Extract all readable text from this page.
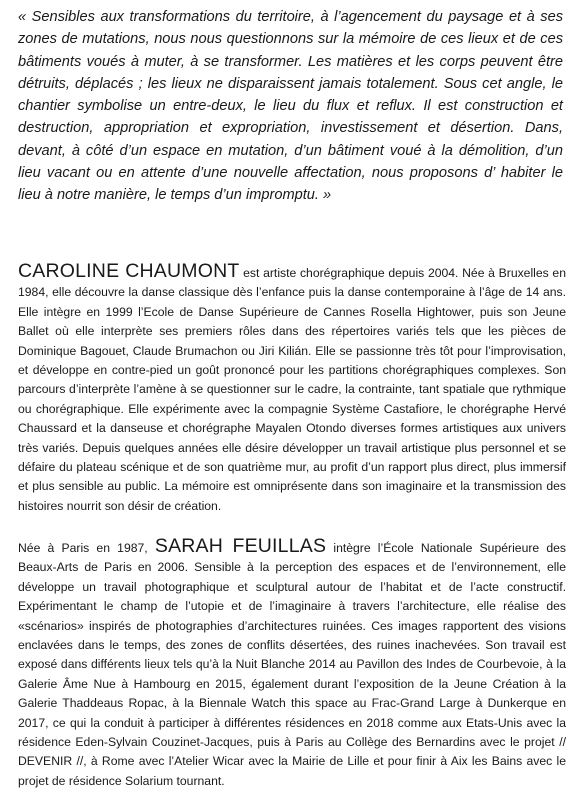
« Sensibles aux transformations du territoire, à l’agencement du paysage et à ses zones de mutations, nous nous questionnons sur la mémoire de ces lieux et de ces bâtiments voués à muter, à se transformer. Les matières et les corps peuvent être détruits, déplacés ; les lieux ne disparaissent jamais totalement. Sous cet angle, le chantier symbolise un entre-deux, le lieu du flux et reflux. Il est construction et destruction, appropriation et expropriation, investissement et désertion. Dans, devant, à côté d’un espace en mutation, d’un bâtiment voué à la démolition, d’un lieu vacant ou en attente d’une nouvelle affectation, nous proposons d’ habiter le lieu à notre manière, le temps d’un impromptu. »

CAROLINE CHAUMONT est artiste chorégraphique depuis 2004. Née à Bruxelles en 1984, elle découvre la danse classique dès l’enfance puis la danse contemporaine à l’âge de 14 ans. Elle intègre en 1999 l’Ecole de Danse Supérieure de Cannes Rosella Hightower, puis son Jeune Ballet où elle interprète ses premiers rôles dans des répertoires variés tels que les pièces de Dominique Bagouet, Claude Brumachon ou Jiri Kilián. Elle se passionne très tôt pour l’improvisation, et développe en contre-pied un goût prononcé pour les partitions chorégraphiques complexes. Son parcours d’interprète l’amène à se questionner sur le cadre, la contrainte, tant spatiale que rythmique ou chorégraphique. Elle expérimente avec la compagnie Système Castafiore, le chorégraphe Hervé Chaussard et la danseuse et chorégraphe Mayalen Otondo diverses formes artistiques aux univers très variés. Depuis quelques années elle désire développer un travail artistique plus personnel et se défaire du plateau scénique et de son quatrième mur, au profit d’un rapport plus direct, plus immersif et plus sensible au public. La mémoire est omniprésente dans son imaginaire et la transmission des histoires nourrit son désir de création.

Née à Paris en 1987, SARAH FEUILLAS intègre l’École Nationale Supérieure des Beaux-Arts de Paris en 2006. Sensible à la perception des espaces et de l’environnement, elle développe un travail photographique et sculptural autour de l’habitat et de l’acte constructif. Expérimentant le champ de l’utopie et de l’imaginaire à travers l’architecture, elle réalise des «scénarios» inspirés de photographies d’architectures ruinées. Ces images rapportent des visions enclavées dans le temps, des zones de conflits désertées, des ruines inachevées. Son travail est exposé dans différents lieux tels qu’à la Nuit Blanche 2014 au Pavillon des Indes de Courbevoie, à la Galerie Âme Nue à Hambourg en 2015, également durant l’exposition de la Jeune Création à la Galerie Thaddeaus Ropac, à la Biennale Watch this space au Frac-Grand Large à Dunkerque en 2017, ce qui la conduit à participer à différentes résidences en 2018 comme aux Etats-Unis avec la résidence Eden-Sylvain Couzinet-Jacques, puis à Paris au Collège des Bernardins avec le projet // DEVENIR //, à Rome avec l’Atelier Wicar avec la Mairie de Lille et pour finir à Aix les Bains avec le projet de résidence Solarium tournant.
